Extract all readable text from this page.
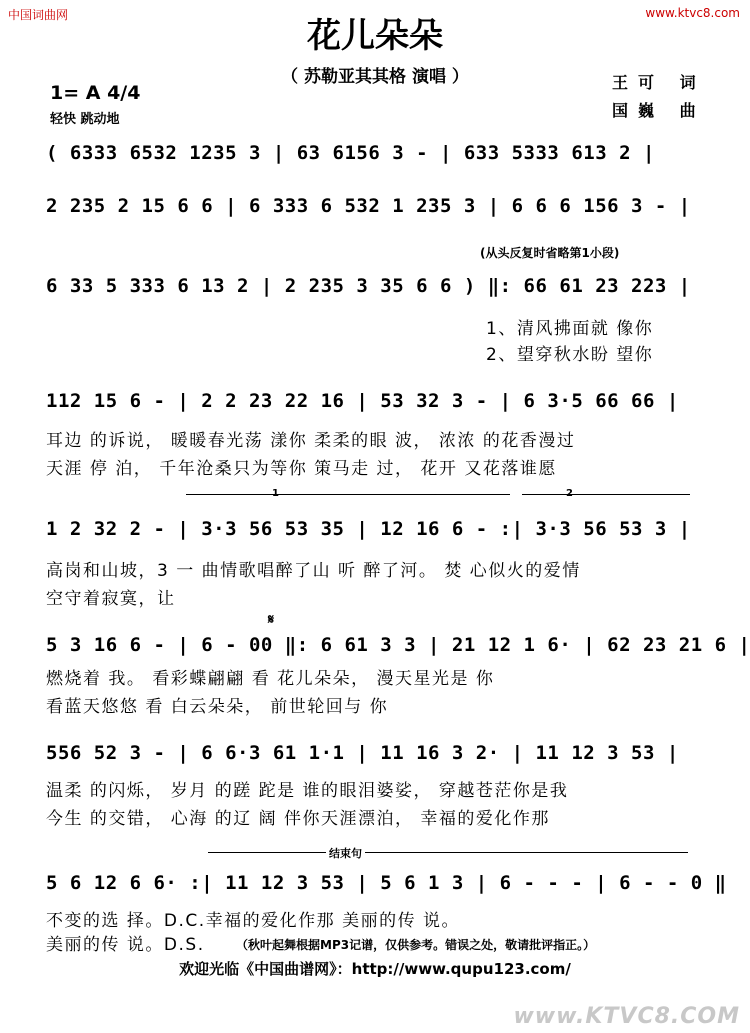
中国词曲网	www.ktvc8.com
花儿朵朵
（ 苏勒亚其其格 演唱 ）	王可 词
国巍 曲
1= A 4/4
轻快 跳动地
( 6333 6532 1235 3 | 63 6156 3 - | 633 5333 613 2 |
2 235 2 15 6 6 | 6 333 6 532 1 235 3 | 6 6 6 156 3 - |
(从头反复时省略第1小段)
6 33 5 333 6 13 2 | 2 235 3 35 6 6 ) ‖: 66 61 23 223 |
1、清风拂面就 像你
2、望穿秋水盼 望你
112 15 6 - | 2 2 23 22 16 | 53 32 3 - | 6 3·5 66 66 |
耳边 的诉说， 暖暖春光荡 漾你 柔柔的眼 波， 浓浓 的花香漫过
天涯 停 泊， 千年沧桑只为等你 策马走 过， 花开 又花落谁愿
1	2
1 2 32 2 - | 3·3 56 53 35 | 12 16 6 - :| 3·3 56 53 3 |
高岗和山坡，3 一 曲情歌唱醉了山 听 醉了河。 焚 心似火的爱情
空守着寂寞，让
𝄋
5 3 16 6 - | 6 - 00 ‖: 6 61 3 3 | 21 12 1 6· | 62 23 21 6 |
燃烧着 我。 看彩蝶翩翩 看 花儿朵朵， 漫天星光是 你
看蓝天悠悠 看 白云朵朵， 前世轮回与 你
556 52 3 - | 6 6·3 61 1·1 | 11 16 3 2· | 11 12 3 53 |
温柔 的闪烁， 岁月 的蹉 跎是 谁的眼泪婆娑， 穿越苍茫你是我
今生 的交错， 心海 的辽 阔 伴你天涯漂泊， 幸福的爱化作那
结束句
5 6 12 6 6· :| 11 12 3 53 | 5 6 1 3 | 6 - - - | 6 - - 0 ‖
不变的选 择。D.C.幸福的爱化作那 美丽的传 说。
美丽的传 说。D.S.	（秋叶起舞根据MP3记谱，仅供参考。错误之处，敬请批评指正。）
欢迎光临《中国曲谱网》：http://www.qupu123.com/
www.KTVC8.COM
